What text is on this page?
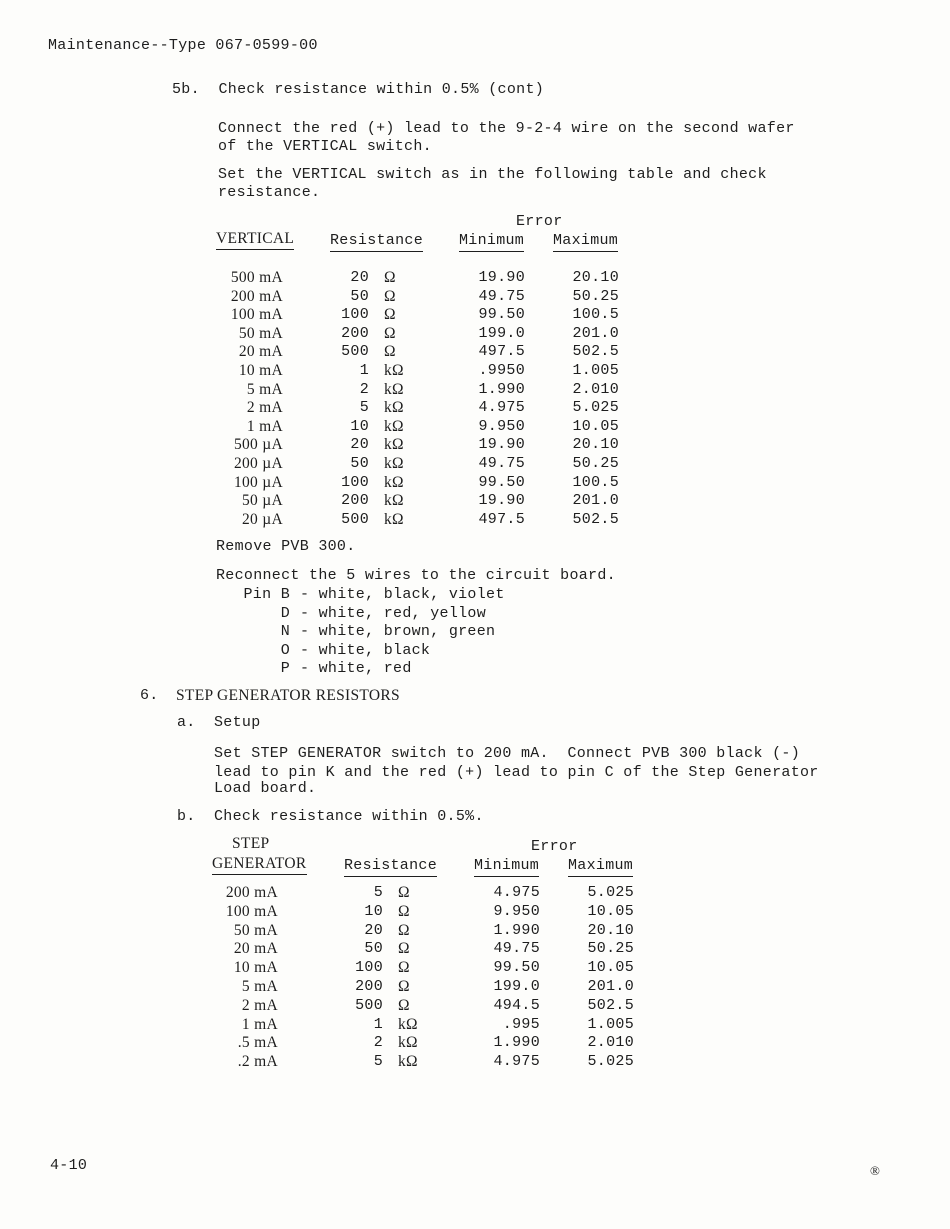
Maintenance--Type 067-0599-00
5b.  Check resistance within 0.5% (cont)
Connect the red (+) lead to the 9-2-4 wire on the second wafer
of the VERTICAL switch.
Set the VERTICAL switch as in the following table and check
resistance.
Error
VERTICAL Resistance Minimum Maximum
500 mA	20 Ω	19.90	20.10
200 mA	50 Ω	49.75	50.25
100 mA	100 Ω	99.50	100.5
50 mA	200 Ω	199.0	201.0
20 mA	500 Ω	497.5	502.5
10 mA	1 kΩ	.9950	1.005
5 mA	2 kΩ	1.990	2.010
2 mA	5 kΩ	4.975	5.025
1 mA	10 kΩ	9.950	10.05
500 µA	20 kΩ	19.90	20.10
200 µA	50 kΩ	49.75	50.25
100 µA	100 kΩ	99.50	100.5
50 µA	200 kΩ	19.90	201.0
20 µA	500 kΩ	497.5	502.5
Remove PVB 300.
Reconnect the 5 wires to the circuit board.
Pin B - white, black, violet
D - white, red, yellow
N - white, brown, green
O - white, black
P - white, red
6. STEP GENERATOR RESISTORS
a. Setup
Set STEP GENERATOR switch to 200 mA.  Connect PVB 300 black (-)
lead to pin K and the red (+) lead to pin C of the Step Generator
Load board.
b. Check resistance within 0.5%.
STEP	Error
GENERATOR Resistance Minimum Maximum
200 mA	5 Ω	4.975	5.025
100 mA	10 Ω	9.950	10.05
50 mA	20 Ω	1.990	20.10
20 mA	50 Ω	49.75	50.25
10 mA	100 Ω	99.50	10.05
5 mA	200 Ω	199.0	201.0
2 mA	500 Ω	494.5	502.5
1 mA	1 kΩ	.995	1.005
.5 mA	2 kΩ	1.990	2.010
.2 mA	5 kΩ	4.975	5.025
4-10	®
